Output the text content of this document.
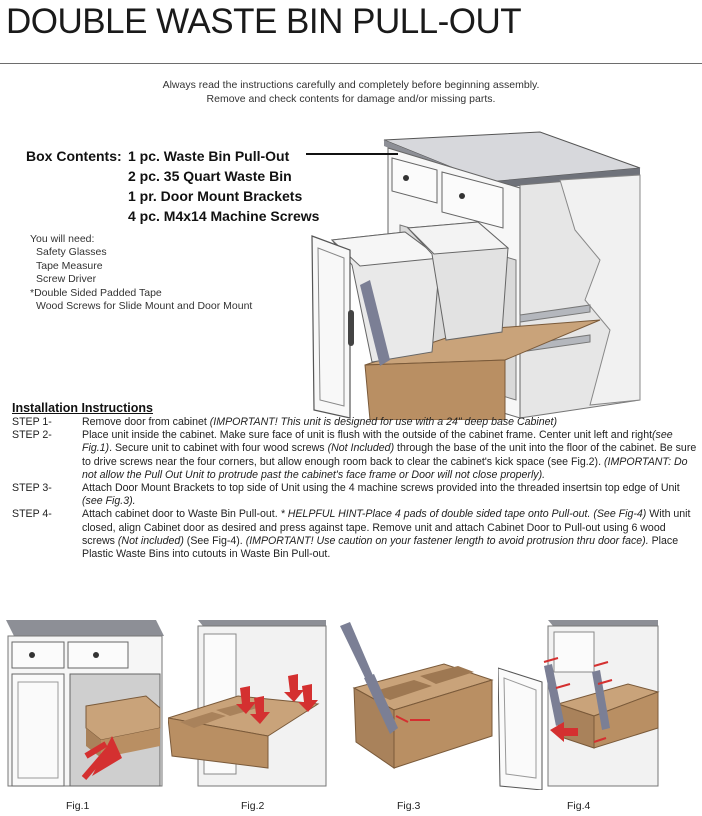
DOUBLE WASTE BIN PULL-OUT
Always read the instructions carefully and completely before beginning assembly.
Remove and check contents for damage and/or missing parts.
Box Contents: 1 pc. Waste Bin Pull-Out
2 pc. 35 Quart Waste Bin
1 pr. Door Mount Brackets
4 pc. M4x14 Machine Screws
You will need:
Safety Glasses
Tape Measure
Screw Driver
*Double Sided Padded Tape
Wood Screws for Slide Mount and Door Mount
Installation Instructions

STEP 1-	Remove door from cabinet (IMPORTANT! This unit is designed for use with a 24" deep base Cabinet)

STEP 2-	Place unit inside the cabinet. Make sure face of unit is flush with the outside of the cabinet frame. Center unit left and right(see Fig.1). Secure unit to cabinet with four wood screws (Not Included) through the base of the unit into the floor of the cabinet. Be sure to drive screws near the four corners, but allow enough room back to clear the cabinet's kick space (see Fig.2). (IMPORTANT: Do not allow the Pull Out Unit to protrude past the cabinet's face frame or Door will not close properly).

STEP 3-	Attach Door Mount Brackets to top side of Unit using the 4 machine screws provided into the threaded insertsin top edge of Unit (see Fig.3).

STEP 4-	Attach cabinet door to Waste Bin Pull-out. * HELPFUL HINT-Place 4 pads of double sided tape onto Pull-out. (See Fig-4) With unit closed, align Cabinet door as desired and press against tape. Remove unit and attach Cabinet Door to Pull-out using 6 wood screws (Not included) (See Fig-4). (IMPORTANT! Use caution on your fastener length to avoid protrusion thru door face). Place Plastic Waste Bins into cutouts in Waste Bin Pull-out.

Fig.1	Fig.2	Fig.3	Fig.4
